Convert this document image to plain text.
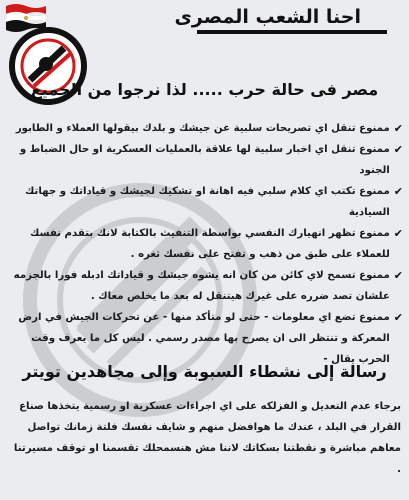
احنا الشعب المصرى
مصر فى حالة حرب ..... لذا نرجوا من الجميع
✔
ممنوع تنقل اي تصريحات سلبية عن جيشك و بلدك بيقولها العملاء و الطابور
✔
ممنوع تنقل اي اخبار سلبية لها علاقة بالعمليات العسكرية او حال الضباط و الجنود
✔
ممنوع تكتب اي كلام سلبي فيه اهانة او تشكيك لجيشك و قياداتك و جهاتك السيادية
✔
ممنوع تظهر انهيارك النفسي بواسطة التنفيث بالكتابة لانك بتقدم نفسك للعملاء على طبق من ذهب و تفتح على نفسك ثغره .
✔
ممنوع تسمح لاي كائن من كان انه يشوه جيشك و قياداتك ادبله فورا بالجزمه علشان تصد ضرره على غيرك هيتنقل له بعد ما يخلص معاك .
✔
ممنوع تضع اي معلومات - حتى لو متأكد منها - عن تحركات الجيش في ارض المعركة و تنتظر الى ان يصرح بها مصدر رسمي . ليس كل ما يعرف وقت الحرب يقال -
رسالة إلى نشطاء السبوبة وإلى مجاهدين تويتر
برجاء عدم التعديل و الفزلكه على اي اجراءات عسكرية او رسمية يتخذها صناع القرار في البلد ، عندك ما هوافضل منهم و شايف نفسك فلتة زمانك تواصل معاهم مباشرة و نقطتنا بسكاتك لاننا مش هنسمحلك تقسمنا او توقف مسيرتنا .
